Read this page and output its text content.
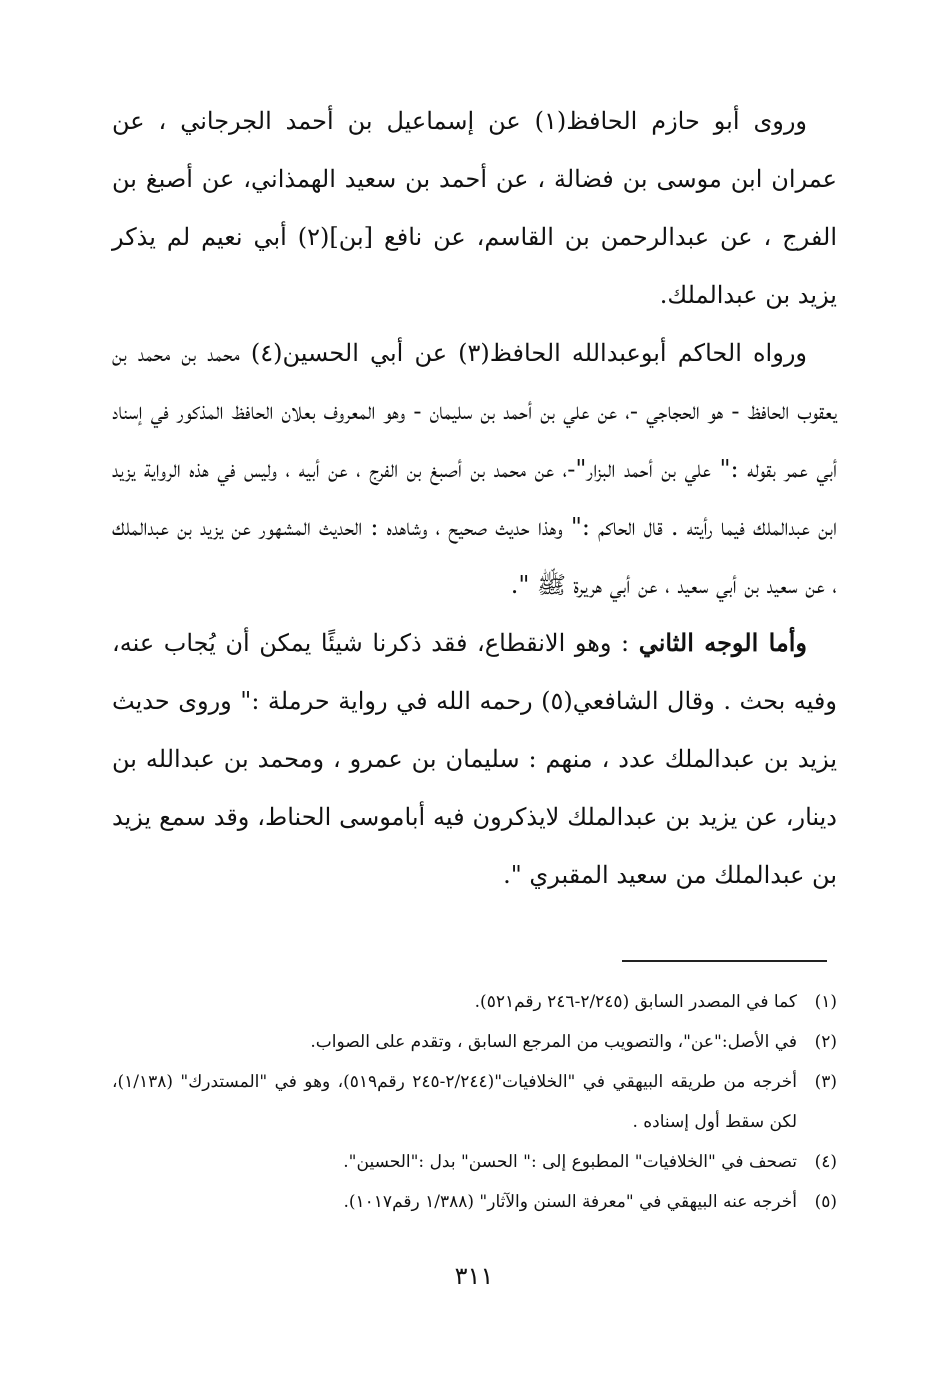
وروى أبو حازم الحافظ(١) عن إسماعيل بن أحمد الجرجاني ، عن عمران ابن موسى بن فضالة ، عن أحمد بن سعيد الهمذاني، عن أصبغ بن الفرج ، عن عبدالرحمن بن القاسم، عن نافع [بن](٢) أبي نعيم لم يذكر يزيد بن عبدالملك.

ورواه الحاكم أبوعبدالله الحافظ(٣) عن أبي الحسين(٤) محمد بن محمد بن يعقوب الحافظ - هو الحجاجي -، عن علي بن أحمد بن سليمان - وهو المعروف بعلان الحافظ المذكور في إسناد أبي عمر بقوله :" علي بن أحمد البزار"-، عن محمد بن أصبغ بن الفرج ، عن أبيه ، وليس في هذه الرواية يزيد ابن عبدالملك فيما رأيته . قال الحاكم :" وهذا حديث صحيح ، وشاهده : الحديث المشهور عن يزيد بن عبدالملك ، عن سعيد بن أبي سعيد ، عن أبي هريرة ﷺ ".

وأما الوجه الثاني : وهو الانقطاع، فقد ذكرنا شيئًا يمكن أن يُجاب عنه، وفيه بحث . وقال الشافعي(٥) رحمه الله في رواية حرملة :" وروى حديث يزيد بن عبدالملك عدد ، منهم : سليمان بن عمرو ، ومحمد بن عبدالله بن دينار، عن يزيد بن عبدالملك لايذكرون فيه أباموسى الحناط، وقد سمع يزيد بن عبدالملك من سعيد المقبري ".

(١)كما في المصدر السابق (٢/٢٤٥-٢٤٦ رقم٥٢١).

(٢)في الأصل:"عن"، والتصويب من المرجع السابق ، وتقدم على الصواب.

(٣)أخرجه من طريقه البيهقي في "الخلافيات"(٢/٢٤٤-٢٤٥ رقم٥١٩)، وهو في "المستدرك" (١/١٣٨)، لكن سقط أول إسناده .

(٤)تصحف في "الخلافيات" المطبوع إلى :" الحسن" بدل :"الحسين".

(٥)أخرجه عنه البيهقي في "معرفة السنن والآثار" (١/٣٨٨ رقم١٠١٧).

٣١١
